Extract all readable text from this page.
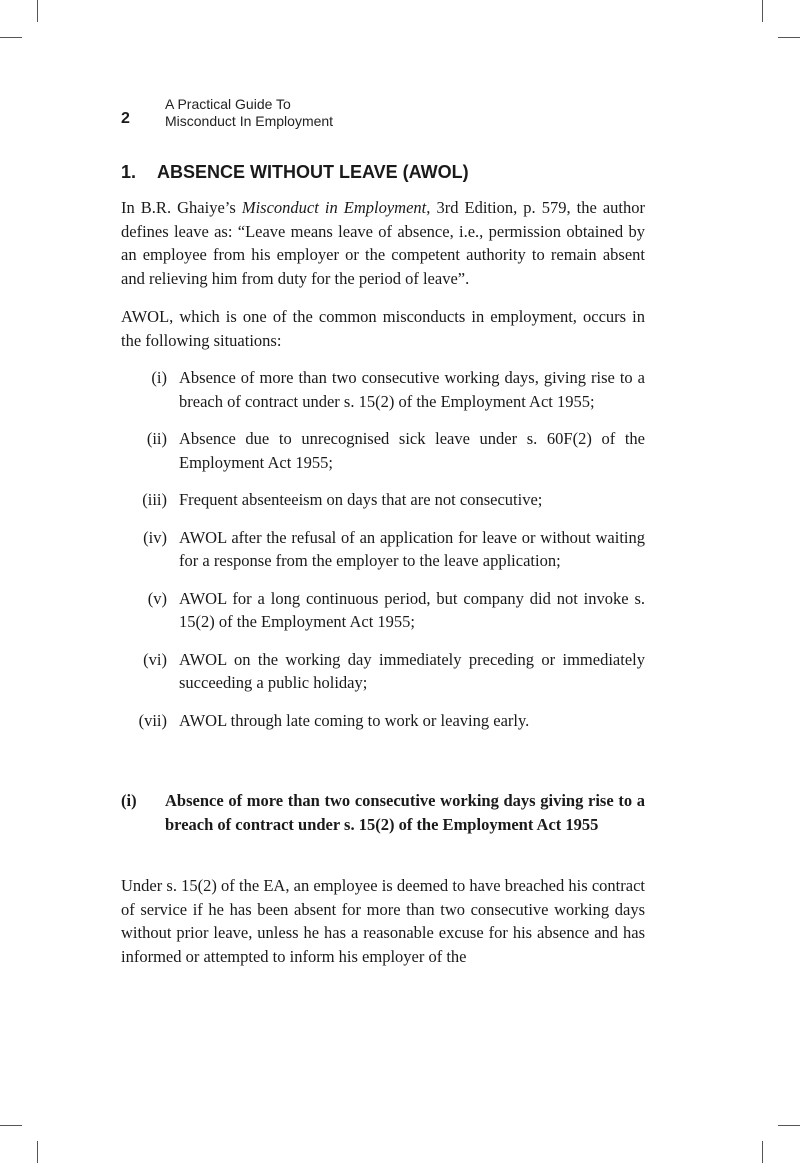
2
A Practical Guide To
Misconduct In Employment
1. ABSENCE WITHOUT LEAVE (AWOL)
In B.R. Ghaiye’s Misconduct in Employment, 3rd Edition, p. 579, the author defines leave as: “Leave means leave of absence, i.e., permission obtained by an employee from his employer or the competent authority to remain absent and relieving him from duty for the period of leave”.
AWOL, which is one of the common misconducts in employment, occurs in the following situations:
(i) Absence of more than two consecutive working days, giving rise to a breach of contract under s. 15(2) of the Employment Act 1955;
(ii) Absence due to unrecognised sick leave under s. 60F(2) of the Employment Act 1955;
(iii) Frequent absenteeism on days that are not consecutive;
(iv) AWOL after the refusal of an application for leave or without waiting for a response from the employer to the leave application;
(v) AWOL for a long continuous period, but company did not invoke s. 15(2) of the Employment Act 1955;
(vi) AWOL on the working day immediately preceding or immediately succeeding a public holiday;
(vii) AWOL through late coming to work or leaving early.
(i) Absence of more than two consecutive working days giving rise to a breach of contract under s. 15(2) of the Employment Act 1955
Under s. 15(2) of the EA, an employee is deemed to have breached his contract of service if he has been absent for more than two consecutive working days without prior leave, unless he has a reasonable excuse for his absence and has informed or attempted to inform his employer of the
